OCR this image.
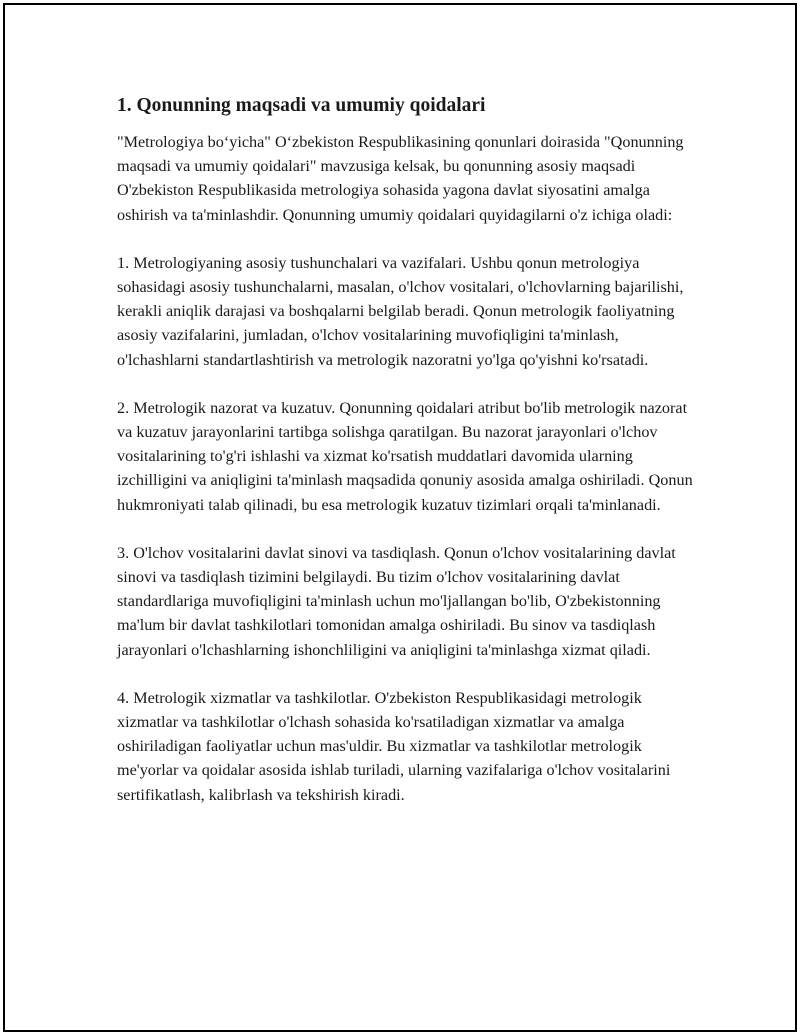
1. Qonunning maqsadi va umumiy qoidalari

"Metrologiya bo‘yicha" O‘zbekiston Respublikasining qonunlari doirasida "Qonunning maqsadi va umumiy qoidalari" mavzusiga kelsak, bu qonunning asosiy maqsadi O'zbekiston Respublikasida metrologiya sohasida yagona davlat siyosatini amalga oshirish va ta'minlashdir. Qonunning umumiy qoidalari quyidagilarni o'z ichiga oladi:

1. Metrologiyaning asosiy tushunchalari va vazifalari. Ushbu qonun metrologiya sohasidagi asosiy tushunchalarni, masalan, o'lchov vositalari, o'lchovlarning bajarilishi, kerakli aniqlik darajasi va boshqalarni belgilab beradi. Qonun metrologik faoliyatning asosiy vazifalarini, jumladan, o'lchov vositalarining muvofiqligini ta'minlash, o'lchashlarni standartlashtirish va metrologik nazoratni yo'lga qo'yishni ko'rsatadi.

2. Metrologik nazorat va kuzatuv. Qonunning qoidalari atribut bo'lib metrologik nazorat va kuzatuv jarayonlarini tartibga solishga qaratilgan. Bu nazorat jarayonlari o'lchov vositalarining to'g'ri ishlashi va xizmat ko'rsatish muddatlari davomida ularning izchilligini va aniqligini ta'minlash maqsadida qonuniy asosida amalga oshiriladi. Qonun hukmroniyati talab qilinadi, bu esa metrologik kuzatuv tizimlari orqali ta'minlanadi.

3. O'lchov vositalarini davlat sinovi va tasdiqlash. Qonun o'lchov vositalarining davlat sinovi va tasdiqlash tizimini belgilaydi. Bu tizim o'lchov vositalarining davlat standardlariga muvofiqligini ta'minlash uchun mo'ljallangan bo'lib, O'zbekistonning ma'lum bir davlat tashkilotlari tomonidan amalga oshiriladi. Bu sinov va tasdiqlash jarayonlari o'lchashlarning ishonchliligini va aniqligini ta'minlashga xizmat qiladi.

4. Metrologik xizmatlar va tashkilotlar. O'zbekiston Respublikasidagi metrologik xizmatlar va tashkilotlar o'lchash sohasida ko'rsatiladigan xizmatlar va amalga oshiriladigan faoliyatlar uchun mas'uldir. Bu xizmatlar va tashkilotlar metrologik me'yorlar va qoidalar asosida ishlab turiladi, ularning vazifalariga o'lchov vositalarini sertifikatlash, kalibrlash va tekshirish kiradi.
